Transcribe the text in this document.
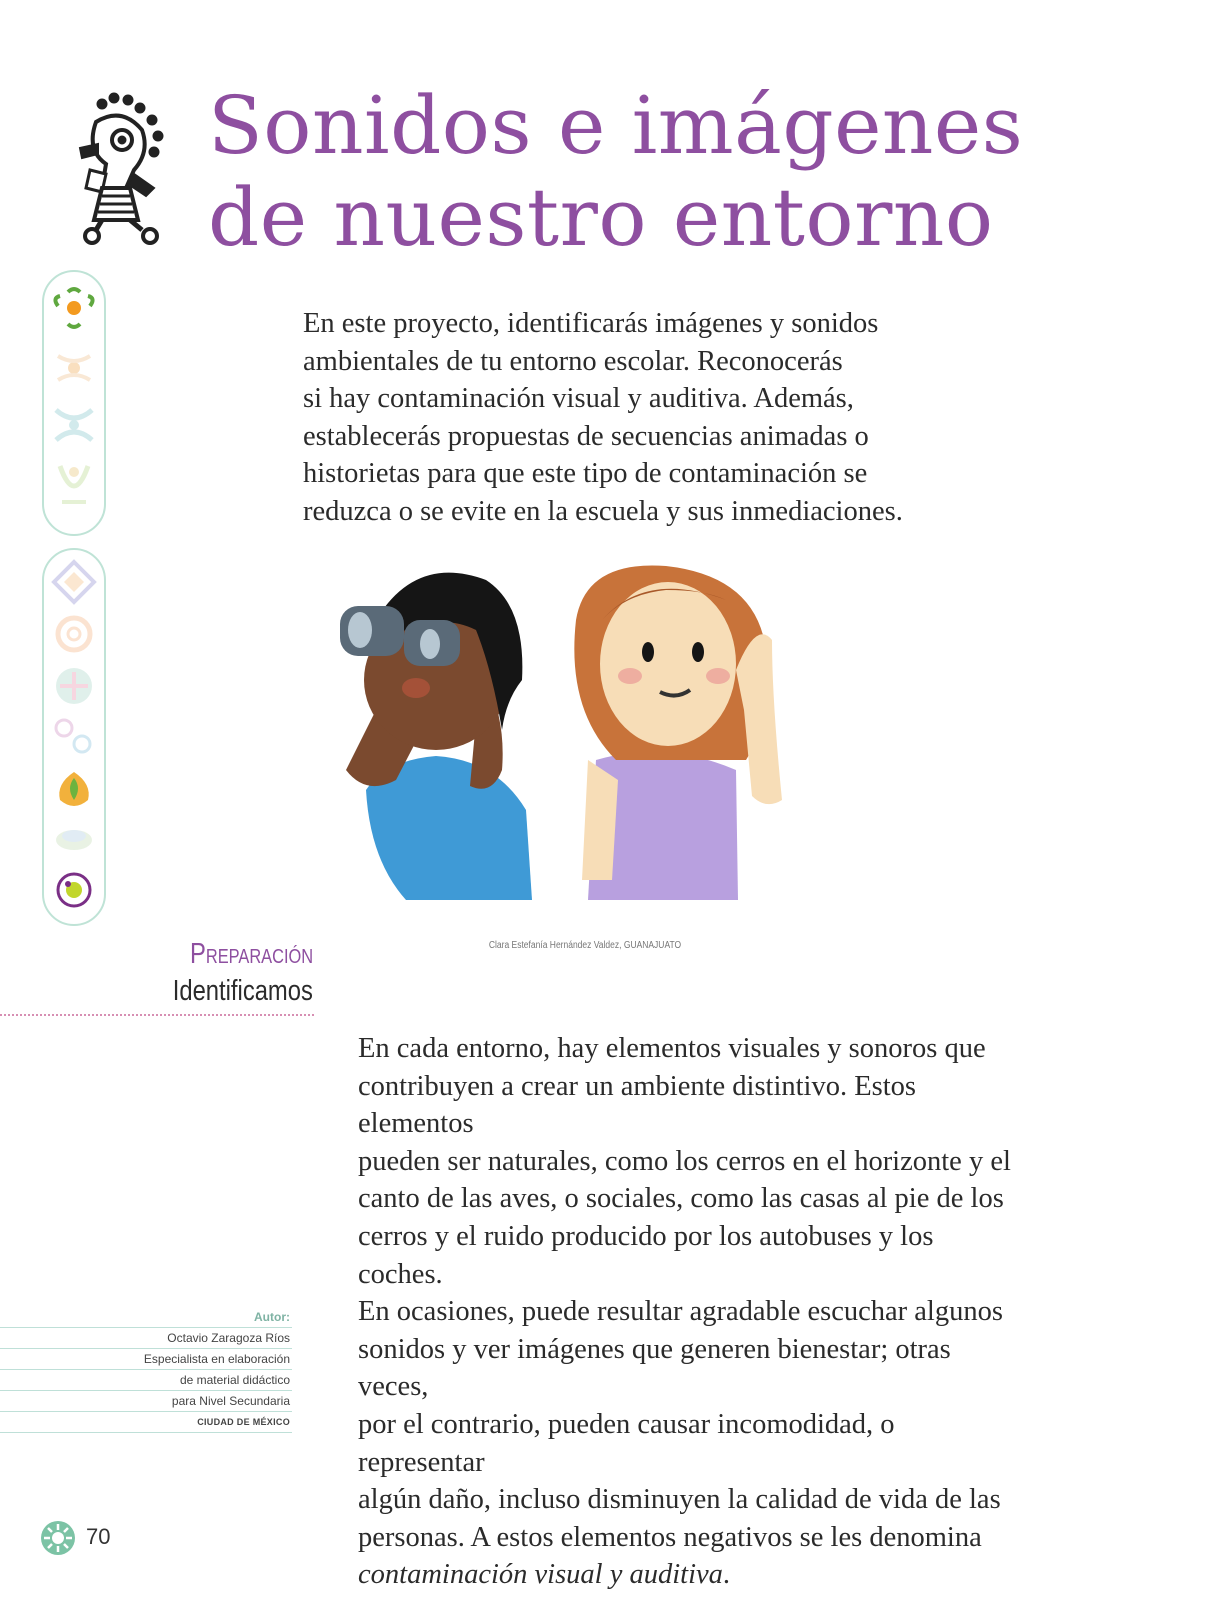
Sonidos e imágenes
de nuestro entorno
En este proyecto, identificarás imágenes y sonidos
ambientales de tu entorno escolar. Reconocerás
si hay contaminación visual y auditiva. Además,
establecerás propuestas de secuencias animadas o
historietas para que este tipo de contaminación se
reduzca o se evite en la escuela y sus inmediaciones.
Clara Estefanía Hernández Valdez, GUANAJUATO
Preparación
Identificamos
En cada entorno, hay elementos visuales y sonoros que
contribuyen a crear un ambiente distintivo. Estos elementos
pueden ser naturales, como los cerros en el horizonte y el
canto de las aves, o sociales, como las casas al pie de los
cerros y el ruido producido por los autobuses y los coches.
En ocasiones, puede resultar agradable escuchar algunos
sonidos y ver imágenes que generen bienestar; otras veces,
por el contrario, pueden causar incomodidad, o representar
algún daño, incluso disminuyen la calidad de vida de las
personas. A estos elementos negativos se les denomina
contaminación visual y auditiva.
Autor:
Octavio Zaragoza Ríos
Especialista en elaboración
de material didáctico
para Nivel Secundaria
CIUDAD DE MÉXICO
70
